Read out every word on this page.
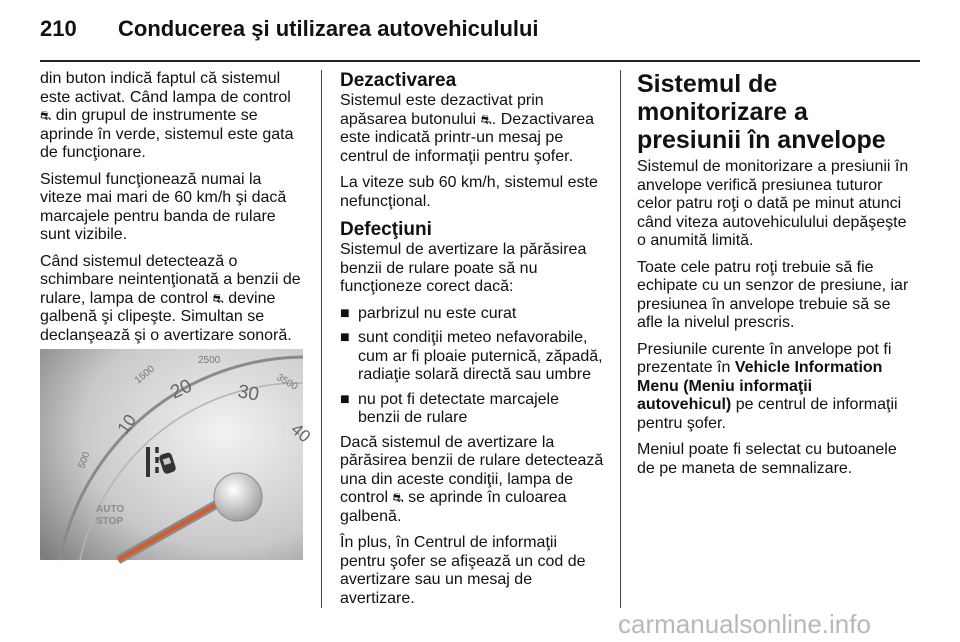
210 Conducerea şi utilizarea autovehiculului

din buton indică faptul că sistemul este activat. Când lampa de control ⛐ din grupul de instrumente se aprinde în verde, sistemul este gata de funcţionare.

Sistemul funcţionează numai la viteze mai mari de 60 km/h şi dacă marcajele pentru banda de rulare sunt vizibile.

Când sistemul detectează o schimbare neintenţionată a benzii de rulare, lampa de control ⛐ devine galbenă şi clipeşte. Simultan se declanşează şi o avertizare sonoră.

500
1500
2500
3500
10
20 30
40
AUTO
STOP
Dezactivarea

Sistemul este dezactivat prin apăsarea butonului ⛐. Dezactivarea este indicată printr-un mesaj pe centrul de informaţii pentru şofer.

La viteze sub 60 km/h, sistemul este nefuncţional.

Defecţiuni

Sistemul de avertizare la părăsirea benzii de rulare poate să nu funcţioneze corect dacă:

■ parbrizul nu este curat
■ sunt condiţii meteo nefavorabile, cum ar fi ploaie puternică, zăpadă, radiaţie solară directă sau umbre
■ nu pot fi detectate marcajele benzii de rulare

Dacă sistemul de avertizare la părăsirea benzii de rulare detectează una din aceste condiţii, lampa de control ⛐ se aprinde în culoarea galbenă.

În plus, în Centrul de informaţii pentru şofer se afişează un cod de avertizare sau un mesaj de avertizare.

Sistemul de monitorizare a presiunii în anvelope

Sistemul de monitorizare a presiunii în anvelope verifică presiunea tuturor celor patru roţi o dată pe minut atunci când viteza autovehiculului depăşeşte o anumită limită.

Toate cele patru roţi trebuie să fie echipate cu un senzor de presiune, iar presiunea în anvelope trebuie să se afle la nivelul prescris.

Presiunile curente în anvelope pot fi prezentate în Vehicle Information Menu (Meniu informaţii autovehicul) pe centrul de informaţii pentru şofer.

Meniul poate fi selectat cu butoanele de pe maneta de semnalizare.

carmanualsonline.info
